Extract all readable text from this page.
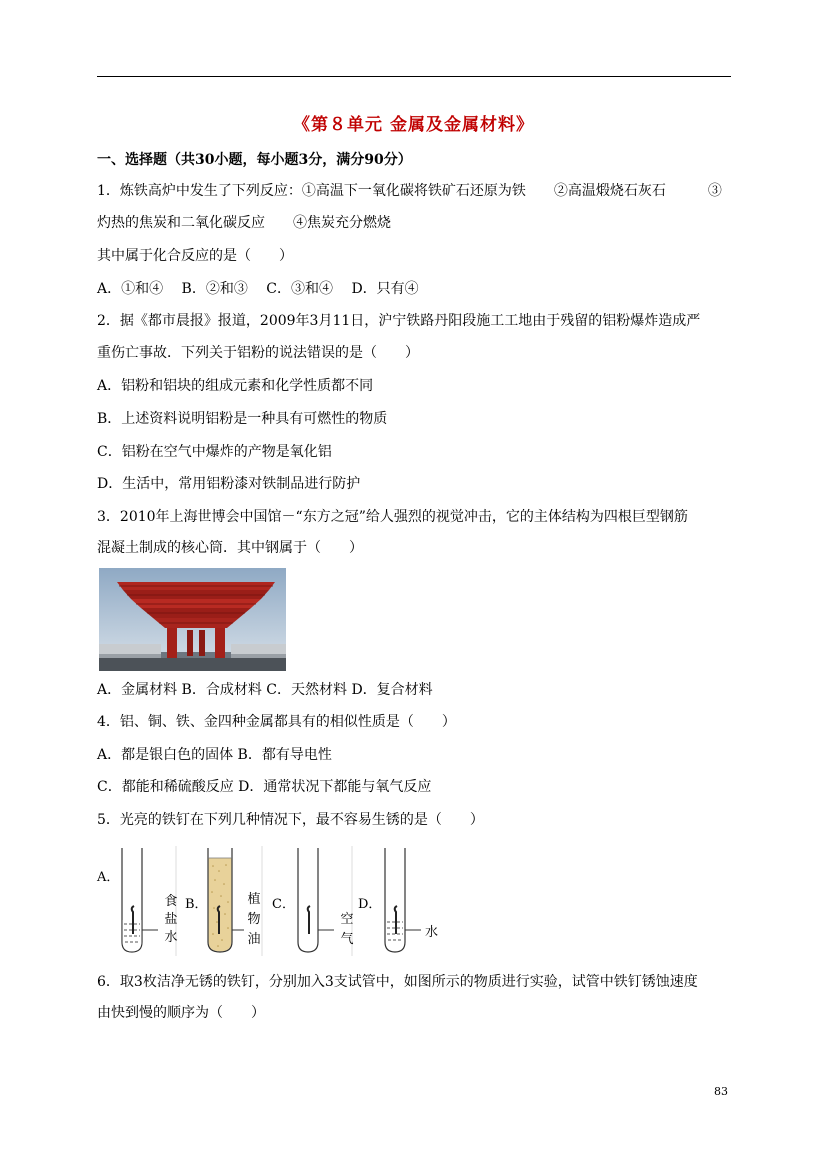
《第８单元 金属及金属材料》
一、选择题（共30小题，每小题3分，满分90分）
1．炼铁高炉中发生了下列反应：①高温下一氧化碳将铁矿石还原为铁　　②高温煅烧石灰石　　　③
灼热的焦炭和二氧化碳反应　　④焦炭充分燃烧
其中属于化合反应的是（　　）
A．①和④　 B．②和③　 C．③和④　 D．只有④
2．据《都市晨报》报道，2009年3月11日，沪宁铁路丹阳段施工工地由于残留的铝粉爆炸造成严
重伤亡事故．下列关于铝粉的说法错误的是（　　）
A．铝粉和铝块的组成元素和化学性质都不同
B．上述资料说明铝粉是一种具有可燃性的物质
C．铝粉在空气中爆炸的产物是氧化铝
D．生活中，常用铝粉漆对铁制品进行防护
3．2010年上海世博会中国馆－“东方之冠”给人强烈的视觉冲击，它的主体结构为四根巨型钢筋
混凝土制成的核心筒．其中钢属于（　　）
A．金属材料 B．合成材料 C．天然材料 D．复合材料
4．铝、铜、铁、金四种金属都具有的相似性质是（　　）
A．都是银白色的固体 B．都有导电性
C．都能和稀硫酸反应 D．通常状况下都能与氧气反应
5．光亮的铁钉在下列几种情况下，最不容易生锈的是（　　）
A．
食
盐
水
B．	植
物
油
C．
空
气
D．
水
6．取3枚洁净无锈的铁钉，分别加入3支试管中，如图所示的物质进行实验，试管中铁钉锈蚀速度
由快到慢的顺序为（　　）
83
